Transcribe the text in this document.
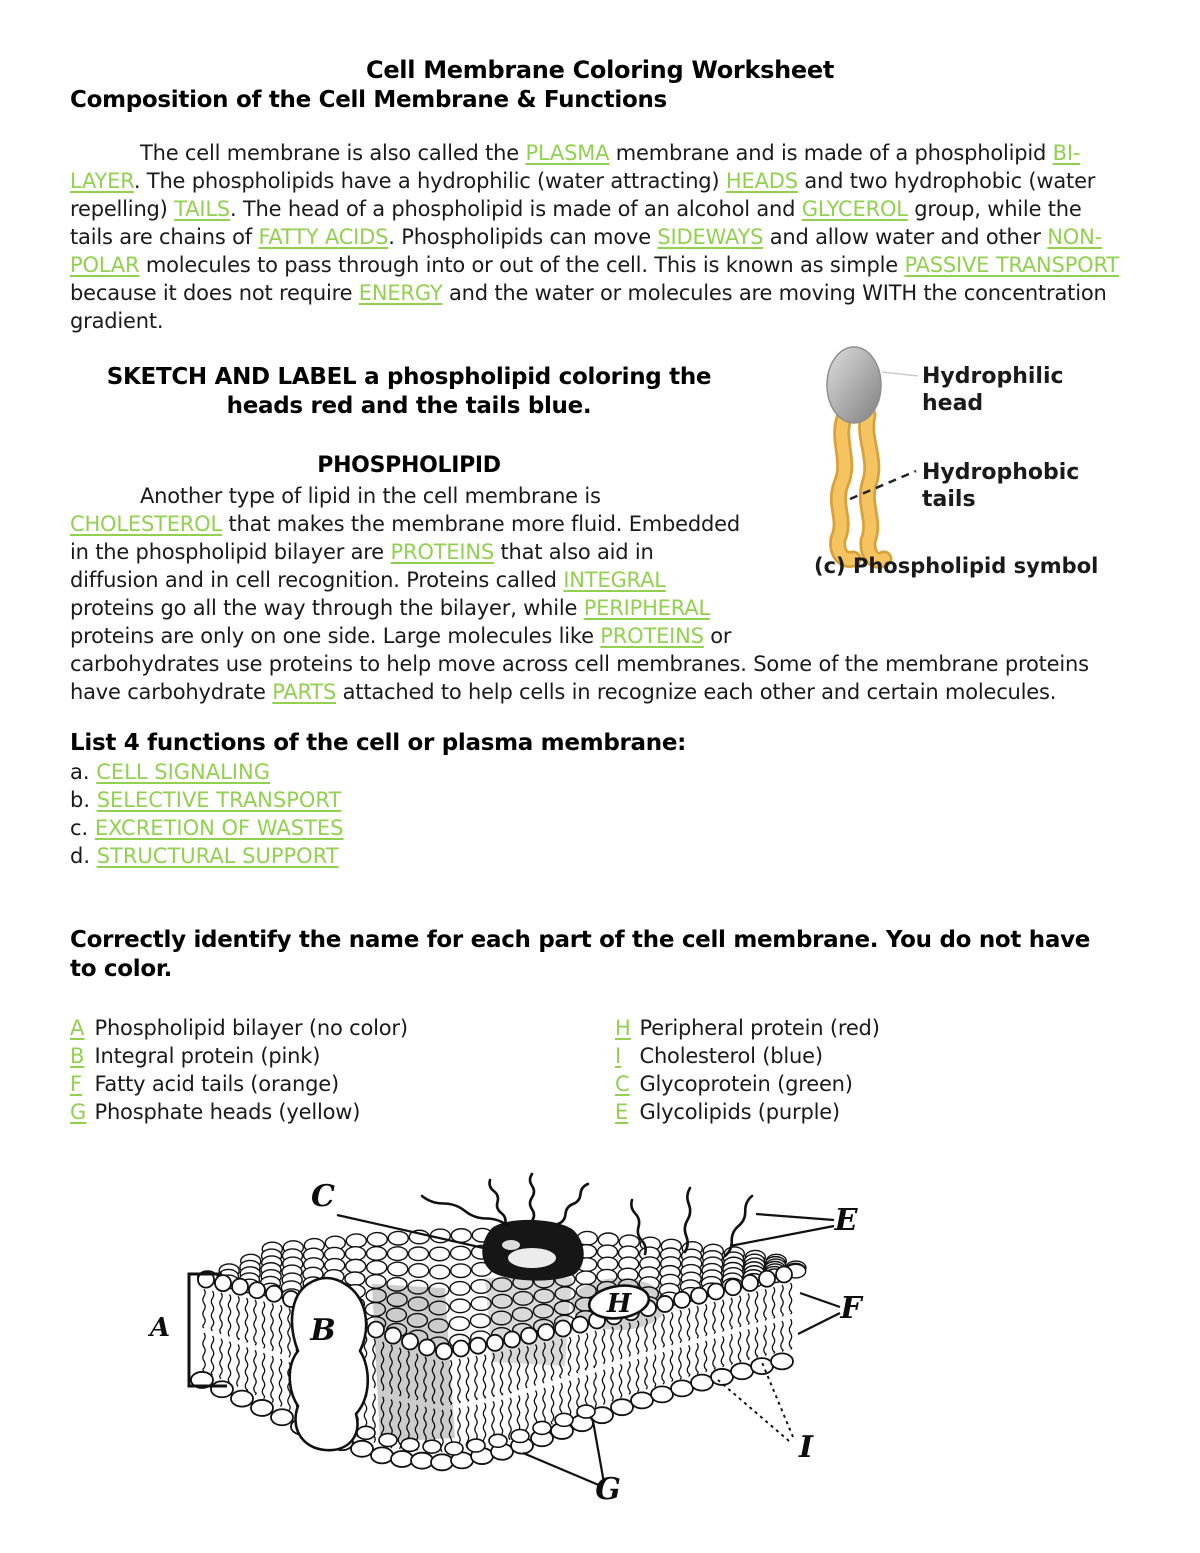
Cell Membrane Coloring Worksheet
Composition of the Cell Membrane & Functions

The cell membrane is also called the PLASMA membrane and is made of a phospholipid BI-LAYER. The phospholipids have a hydrophilic (water attracting) HEADS and two hydrophobic (water repelling) TAILS. The head of a phospholipid is made of an alcohol and GLYCEROL group, while the tails are chains of FATTY ACIDS. Phospholipids can move SIDEWAYS and allow water and other NON-POLAR molecules to pass through into or out of the cell. This is known as simple PASSIVE TRANSPORT because it does not require ENERGY and the water or molecules are moving WITH the concentration gradient.

Hydrophilic
head
Hydrophobic
tails
(c) Phospholipid symbol
SKETCH AND LABEL a phospholipid coloring the heads red and the tails blue.
PHOSPHOLIPID

Another type of lipid in the cell membrane is CHOLESTEROL that makes the membrane more fluid. Embedded in the phospholipid bilayer are PROTEINS that also aid in diffusion and in cell recognition. Proteins called INTEGRAL proteins go all the way through the bilayer, while PERIPHERAL proteins are only on one side. Large molecules like PROTEINS or carbohydrates use proteins to help move across cell membranes. Some of the membrane proteins have carbohydrate PARTS attached to help cells in recognize each other and certain molecules.

List 4 functions of the cell or plasma membrane:
a. CELL SIGNALING
b. SELECTIVE TRANSPORT
c. EXCRETION OF WASTES
d. STRUCTURAL SUPPORT
Correctly identify the name for each part of the cell membrane. You do not have to color.
A Phospholipid bilayer (no color)
B Integral protein (pink)
F Fatty acid tails (orange)
G Phosphate heads (yellow)
H Peripheral protein (red)
I Cholesterol (blue)
C Glycoprotein (green)
E Glycolipids (purple)
A	B
C
E
F
G
H
I
